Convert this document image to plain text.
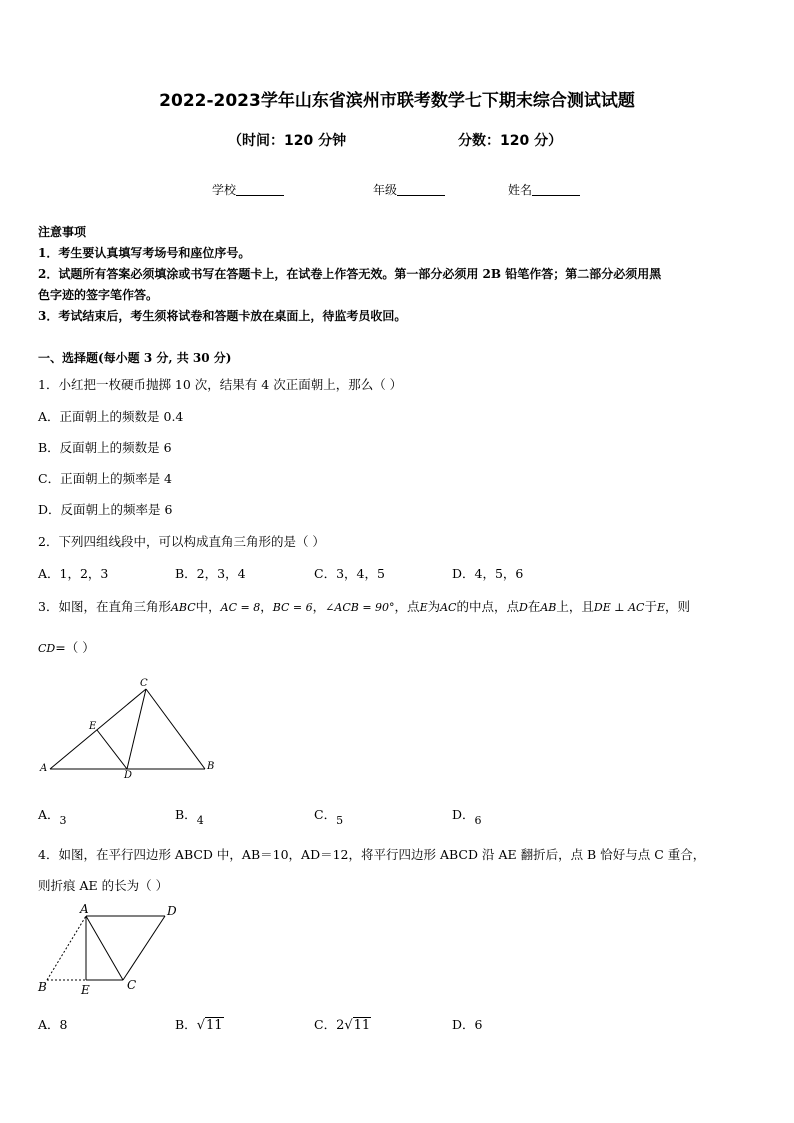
2022-2023学年山东省滨州市联考数学七下期末综合测试试题
（时间：120 分钟	分数：120 分）
学校	年级	姓名
注意事项
1．考生要认真填写考场号和座位序号。
2．试题所有答案必须填涂或书写在答题卡上，在试卷上作答无效。第一部分必须用 2B 铅笔作答；第二部分必须用黑
色字迹的签字笔作答。
3．考试结束后，考生须将试卷和答题卡放在桌面上，待监考员收回。
一、选择题(每小题 3 分, 共 30 分)
1．小红把一枚硬币抛掷 10 次，结果有 4 次正面朝上，那么（ ）
A．正面朝上的频数是 0.4
B．反面朝上的频数是 6
C．正面朝上的频率是 4
D．反面朝上的频率是 6
2．下列四组线段中，可以构成直角三角形的是（ ）
A．1，2，3	B．2，3，4	C．3，4，5	D．4，5，6
3．如图，在直角三角形ABC中，AC = 8，BC = 6，∠ACB = 90°，点E为AC的中点，点D在AB上，且DE ⊥ AC于E，则
CD=（ ）
A
C
E
D
B
A．3	B．4	C．5	D．6
4．如图，在平行四边形 ABCD 中，AB＝10，AD＝12，将平行四边形 ABCD 沿 AE 翻折后，点 B 恰好与点 C 重合，
则折痕 AE 的长为（ ）
A	D
B	E	C
A．8	B．√11	C．2√11	D．6
